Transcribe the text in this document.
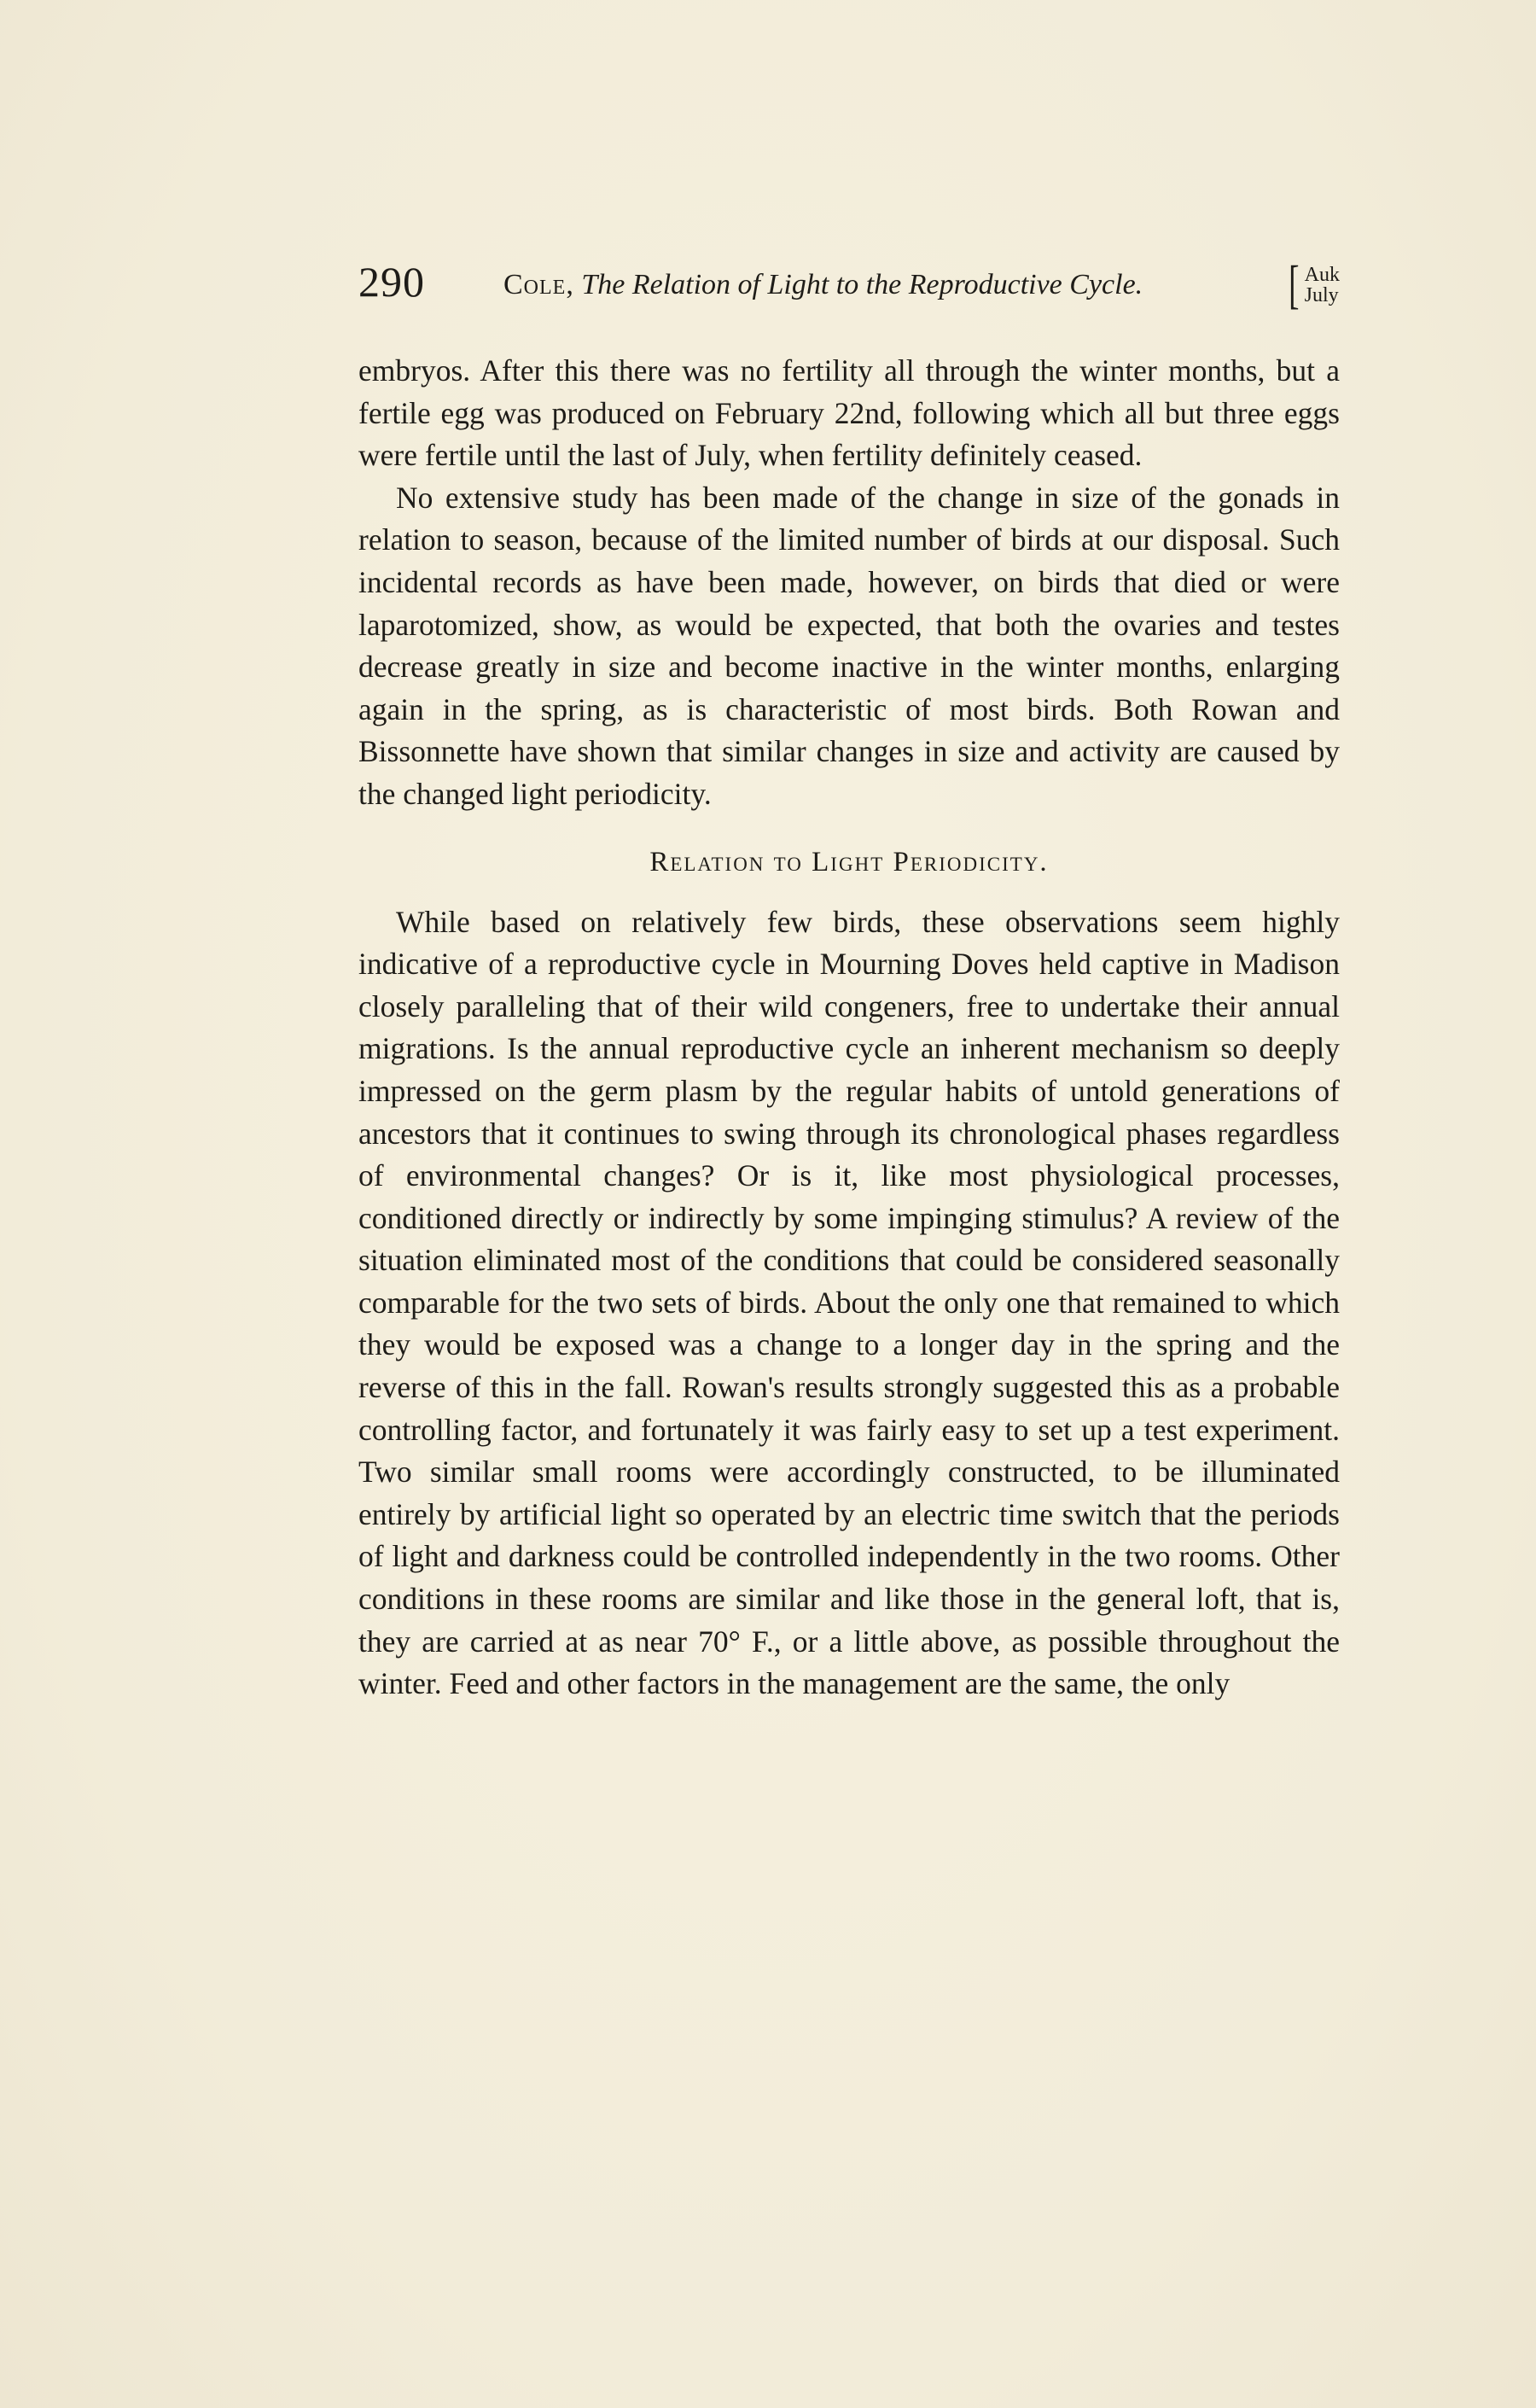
290	Cole, The Relation of Light to the Reproductive Cycle.	[ Auk
July

embryos. After this there was no fertility all through the winter months, but a fertile egg was produced on February 22nd, following which all but three eggs were fertile until the last of July, when fertility definitely ceased.

No extensive study has been made of the change in size of the gonads in relation to season, because of the limited number of birds at our disposal. Such incidental records as have been made, however, on birds that died or were laparotomized, show, as would be expected, that both the ovaries and testes decrease greatly in size and become inactive in the winter months, enlarging again in the spring, as is characteristic of most birds. Both Rowan and Bissonnette have shown that similar changes in size and activity are caused by the changed light periodicity.

Relation to Light Periodicity.

While based on relatively few birds, these observations seem highly indicative of a reproductive cycle in Mourning Doves held captive in Madison closely paralleling that of their wild congeners, free to undertake their annual migrations. Is the annual reproductive cycle an inherent mechanism so deeply impressed on the germ plasm by the regular habits of untold generations of ancestors that it continues to swing through its chronological phases regardless of environmental changes? Or is it, like most physiological processes, conditioned directly or indirectly by some impinging stimulus? A review of the situation eliminated most of the conditions that could be considered seasonally comparable for the two sets of birds. About the only one that remained to which they would be exposed was a change to a longer day in the spring and the reverse of this in the fall. Rowan's results strongly suggested this as a probable controlling factor, and fortunately it was fairly easy to set up a test experiment. Two similar small rooms were accordingly constructed, to be illuminated entirely by artificial light so operated by an electric time switch that the periods of light and darkness could be controlled independently in the two rooms. Other conditions in these rooms are similar and like those in the general loft, that is, they are carried at as near 70° F., or a little above, as possible throughout the winter. Feed and other factors in the management are the same, the only
